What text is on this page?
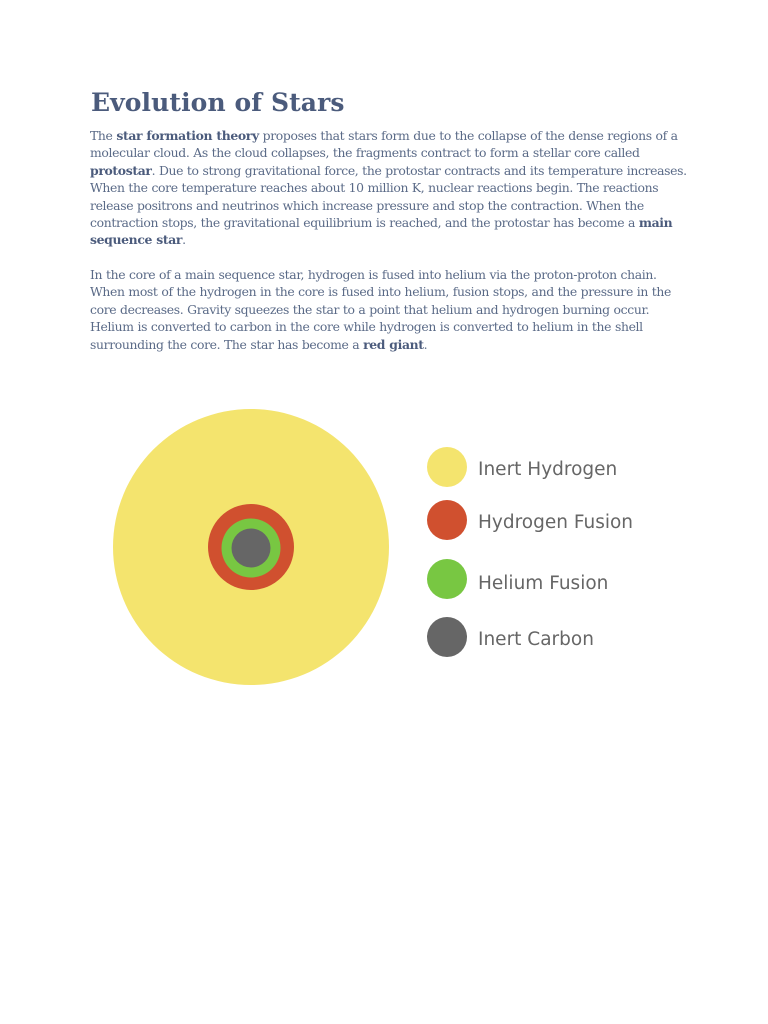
Evolution of Stars

The star formation theory proposes that stars form due to the collapse of the dense regions of a molecular cloud. As the cloud collapses, the fragments contract to form a stellar core called protostar. Due to strong gravitational force, the protostar contracts and its temperature increases. When the core temperature reaches about 10 million K, nuclear reactions begin. The reactions release positrons and neutrinos which increase pressure and stop the contraction. When the contraction stops, the gravitational equilibrium is reached, and the protostar has become a main sequence star.

In the core of a main sequence star, hydrogen is fused into helium via the proton-proton chain. When most of the hydrogen in the core is fused into helium, fusion stops, and the pressure in the core decreases. Gravity squeezes the star to a point that helium and hydrogen burning occur. Helium is converted to carbon in the core while hydrogen is converted to helium in the shell surrounding the core. The star has become a red giant.

Inert Hydrogen
Hydrogen Fusion
Helium Fusion
Inert Carbon
